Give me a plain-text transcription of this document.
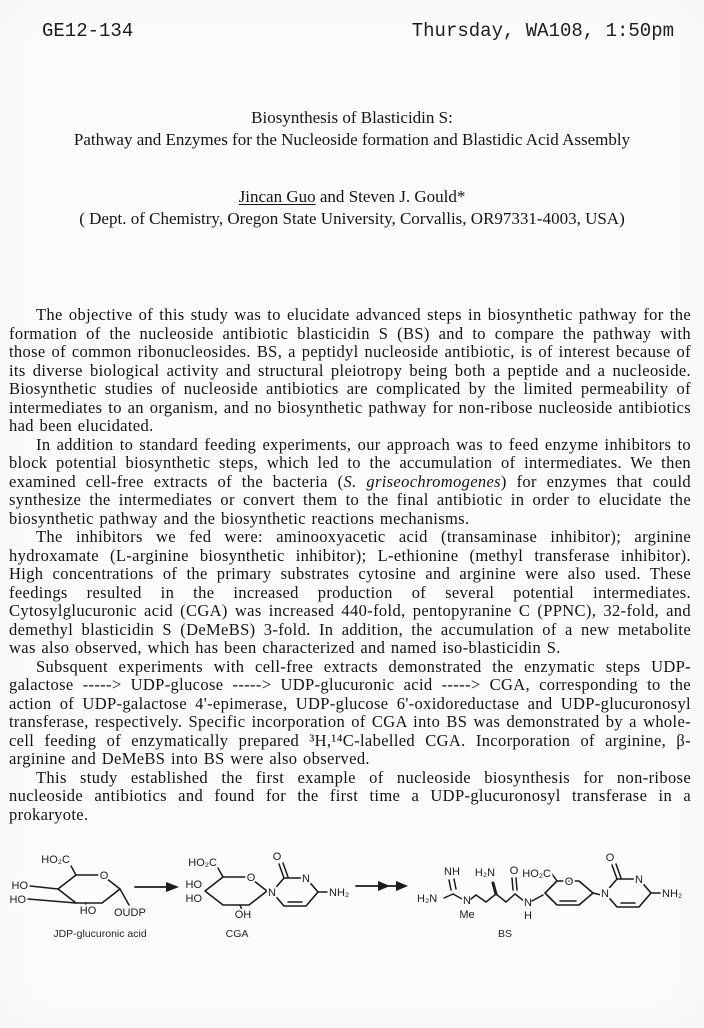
GE12-134	Thursday, WA108, 1:50pm
Biosynthesis of Blasticidin S:
Pathway and Enzymes for the Nucleoside formation and Blastidic Acid Assembly
Jincan Guo and Steven J. Gould*
( Dept. of Chemistry, Oregon State University, Corvallis, OR97331-4003, USA)

The objective of this study was to elucidate advanced steps in biosynthetic pathway for the formation of the nucleoside antibiotic blasticidin S (BS) and to compare the pathway with those of common ribonucleosides. BS, a peptidyl nucleoside antibiotic, is of interest because of its diverse biological activity and structural pleiotropy being both a peptide and a nucleoside. Biosynthetic studies of nucleoside antibiotics are complicated by the limited permeability of intermediates to an organism, and no biosynthetic pathway for non-ribose nucleoside antibiotics had been elucidated.

In addition to standard feeding experiments, our approach was to feed enzyme inhibitors to block potential biosynthetic steps, which led to the accumulation of intermediates. We then examined cell-free extracts of the bacteria (S. griseochromogenes) for enzymes that could synthesize the intermediates or convert them to the final antibiotic in order to elucidate the biosynthetic pathway and the biosynthetic reactions mechanisms.

The inhibitors we fed were: aminooxyacetic acid (transaminase inhibitor); arginine hydroxamate (L-arginine biosynthetic inhibitor); L-ethionine (methyl transferase inhibitor). High concentrations of the primary substrates cytosine and arginine were also used. These feedings resulted in the increased production of several potential intermediates. Cytosylglucuronic acid (CGA) was increased 440-fold, pentopyranine C (PPNC), 32-fold, and demethyl blasticidin S (DeMeBS) 3-fold. In addition, the accumulation of a new metabolite was also observed, which has been characterized and named iso-blasticidin S.

Subsquent experiments with cell-free extracts demonstrated the enzymatic steps UDP-galactose -----> UDP-glucose -----> UDP-glucuronic acid -----> CGA, corresponding to the action of UDP-galactose 4'-epimerase, UDP-glucose 6'-oxidoreductase and UDP-glucuronosyl transferase, respectively. Specific incorporation of CGA into BS was demonstrated by a whole-cell feeding of enzymatically prepared ³H,¹⁴C-labelled CGA. Incorporation of arginine, β-arginine and DeMeBS into BS were also observed.

This study established the first example of nucleoside biosynthesis for non-ribose nucleoside antibiotics and found for the first time a UDP-glucuronosyl transferase in a prokaryote.

HO₂C
O
HO
HO
HO OUDP
JDP-glucuronic acid
HO₂C
O
HO
HO
OH
N
O
N
NH₂
CGA
H₂N
NH
N
Me
H₂N O
N
H
HO₂C
O
N
O
N
NH₂
BS
